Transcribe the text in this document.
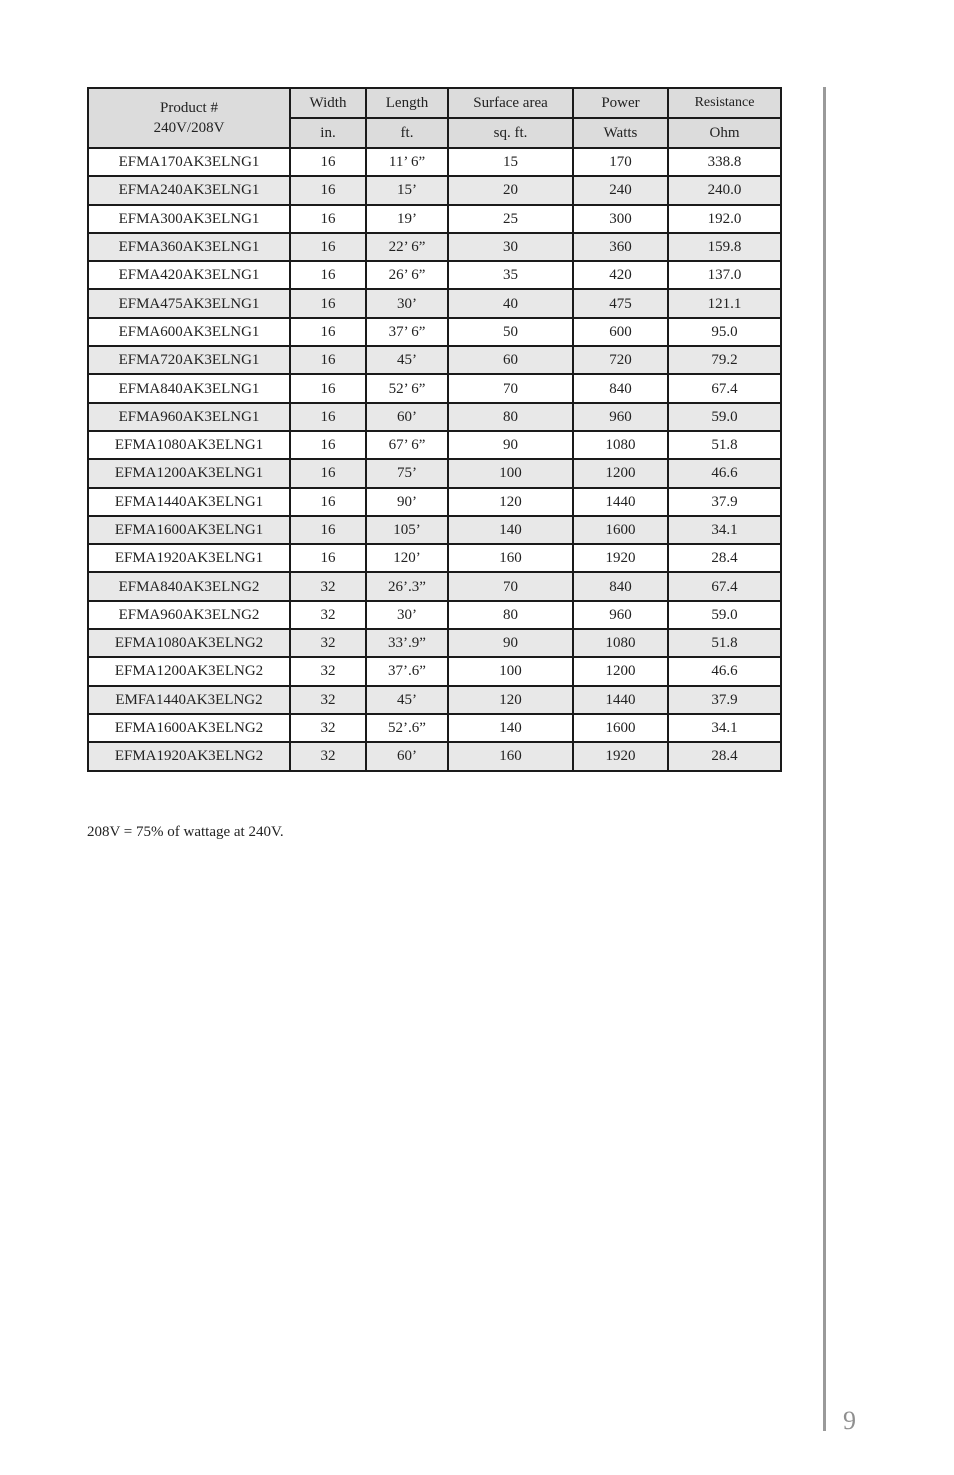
Product #
240V/208V	Width	Length	Surface area	Power	Resistance
	in.	ft.	sq. ft.	Watts	Ohm
EFMA170AK3ELNG1	16	11’ 6”	15	170	338.8
EFMA240AK3ELNG1	16	15’	20	240	240.0
EFMA300AK3ELNG1	16	19’	25	300	192.0
EFMA360AK3ELNG1	16	22’ 6”	30	360	159.8
EFMA420AK3ELNG1	16	26’ 6”	35	420	137.0
EFMA475AK3ELNG1	16	30’	40	475	121.1
EFMA600AK3ELNG1	16	37’ 6”	50	600	95.0
EFMA720AK3ELNG1	16	45’	60	720	79.2
EFMA840AK3ELNG1	16	52’ 6”	70	840	67.4
EFMA960AK3ELNG1	16	60’	80	960	59.0
EFMA1080AK3ELNG1	16	67’ 6”	90	1080	51.8
EFMA1200AK3ELNG1	16	75’	100	1200	46.6
EFMA1440AK3ELNG1	16	90’	120	1440	37.9
EFMA1600AK3ELNG1	16	105’	140	1600	34.1
EFMA1920AK3ELNG1	16	120’	160	1920	28.4
EFMA840AK3ELNG2	32	26’.3”	70	840	67.4
EFMA960AK3ELNG2	32	30’	80	960	59.0
EFMA1080AK3ELNG2	32	33’.9”	90	1080	51.8
EFMA1200AK3ELNG2	32	37’.6”	100	1200	46.6
EMFA1440AK3ELNG2	32	45’	120	1440	37.9
EFMA1600AK3ELNG2	32	52’.6”	140	1600	34.1
EFMA1920AK3ELNG2	32	60’	160	1920	28.4

208V = 75% of wattage at 240V.

9
